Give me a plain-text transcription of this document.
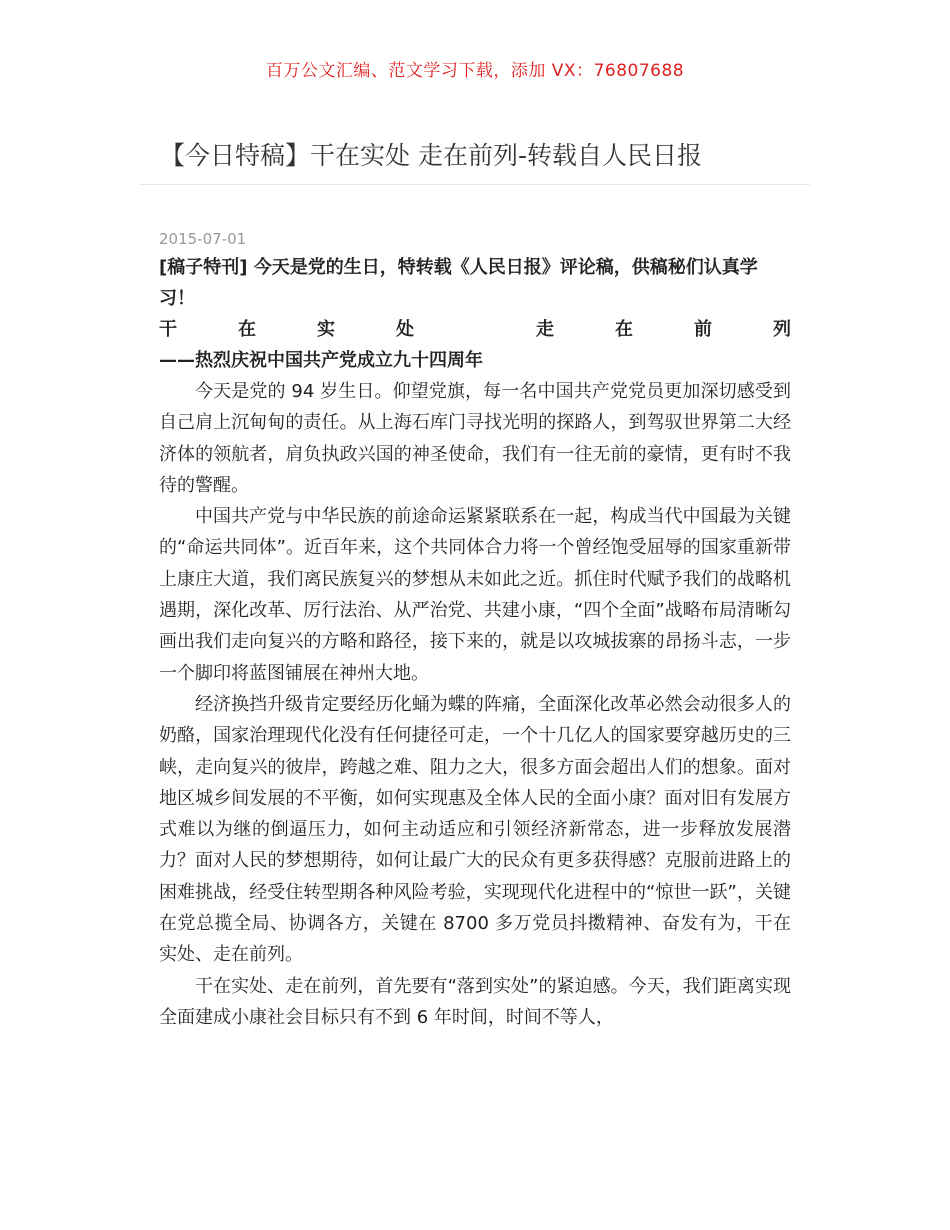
百万公文汇编、范文学习下载，添加 VX：76807688
【今日特稿】干在实处 走在前列-转载自人民日报
2015-07-01

[稿子特刊] 今天是党的生日，特转载《人民日报》评论稿，供稿秘们认真学习！

干	在	实	处	走	在	前	列

——热烈庆祝中国共产党成立九十四周年

今天是党的 94 岁生日。仰望党旗，每一名中国共产党党员更加深切感受到自己肩上沉甸甸的责任。从上海石库门寻找光明的探路人，到驾驭世界第二大经济体的领航者，肩负执政兴国的神圣使命，我们有一往无前的豪情，更有时不我待的警醒。

中国共产党与中华民族的前途命运紧紧联系在一起，构成当代中国最为关键的“命运共同体”。近百年来，这个共同体合力将一个曾经饱受屈辱的国家重新带上康庄大道，我们离民族复兴的梦想从未如此之近。抓住时代赋予我们的战略机遇期，深化改革、厉行法治、从严治党、共建小康，“四个全面”战略布局清晰勾画出我们走向复兴的方略和路径，接下来的，就是以攻城拔寨的昂扬斗志，一步一个脚印将蓝图铺展在神州大地。

经济换挡升级肯定要经历化蛹为蝶的阵痛，全面深化改革必然会动很多人的奶酪，国家治理现代化没有任何捷径可走，一个十几亿人的国家要穿越历史的三峡，走向复兴的彼岸，跨越之难、阻力之大，很多方面会超出人们的想象。面对地区城乡间发展的不平衡，如何实现惠及全体人民的全面小康？面对旧有发展方式难以为继的倒逼压力，如何主动适应和引领经济新常态，进一步释放发展潜力？面对人民的梦想期待，如何让最广大的民众有更多获得感？克服前进路上的困难挑战，经受住转型期各种风险考验，实现现代化进程中的“惊世一跃”，关键在党总揽全局、协调各方，关键在 8700 多万党员抖擞精神、奋发有为，干在实处、走在前列。

干在实处、走在前列，首先要有“落到实处”的紧迫感。今天，我们距离实现全面建成小康社会目标只有不到 6 年时间，时间不等人，
